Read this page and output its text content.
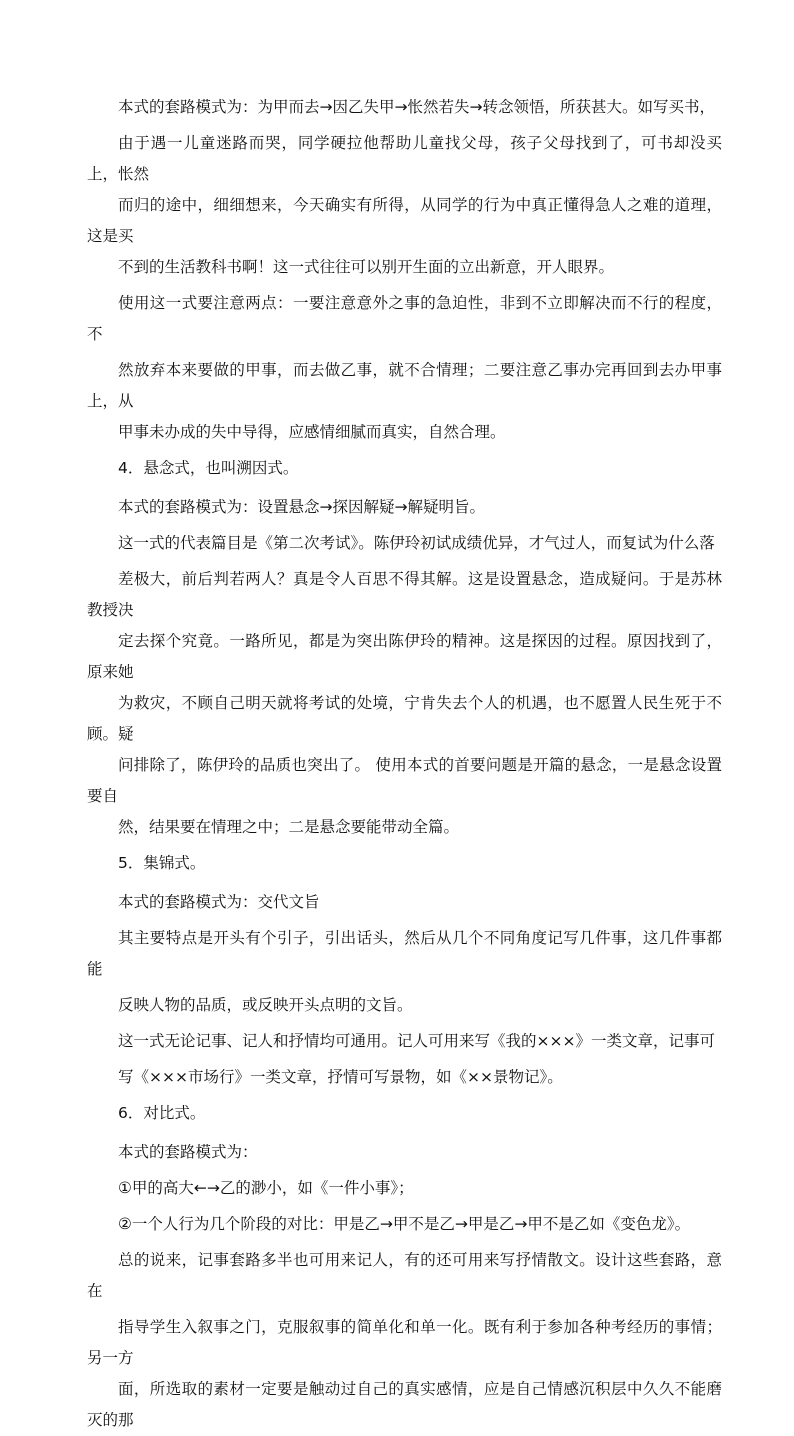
本式的套路模式为：为甲而去→因乙失甲→怅然若失→转念领悟，所获甚大。如写买书，
由于遇一儿童迷路而哭，同学硬拉他帮助儿童找父母，孩子父母找到了，可书却没买上，怅然
而归的途中，细细想来，今天确实有所得，从同学的行为中真正懂得急人之难的道理，这是买
不到的生活教科书啊！这一式往往可以别开生面的立出新意，开人眼界。
使用这一式要注意两点：一要注意意外之事的急迫性，非到不立即解决而不行的程度，不
然放弃本来要做的甲事，而去做乙事，就不合情理；二要注意乙事办完再回到去办甲事上，从
甲事未办成的失中导得，应感情细腻而真实，自然合理。
4．悬念式，也叫溯因式。
本式的套路模式为：设置悬念→探因解疑→解疑明旨。
这一式的代表篇目是《第二次考试》。陈伊玲初试成绩优异，才气过人，而复试为什么落
差极大，前后判若两人？真是令人百思不得其解。这是设置悬念，造成疑问。于是苏林教授决
定去探个究竟。一路所见，都是为突出陈伊玲的精神。这是探因的过程。原因找到了，原来她
为救灾，不顾自己明天就将考试的处境，宁肯失去个人的机遇，也不愿置人民生死于不顾。疑
问排除了，陈伊玲的品质也突出了。 使用本式的首要问题是开篇的悬念，一是悬念设置要自
然，结果要在情理之中；二是悬念要能带动全篇。
5．集锦式。
本式的套路模式为：交代文旨
其主要特点是开头有个引子，引出话头，然后从几个不同角度记写几件事，这几件事都能
反映人物的品质，或反映开头点明的文旨。
这一式无论记事、记人和抒情均可通用。记人可用来写《我的×××》一类文章，记事可
写《×××市场行》一类文章，抒情可写景物，如《××景物记》。
6．对比式。
本式的套路模式为：
①甲的高大←→乙的渺小，如《一件小事》；
②一个人行为几个阶段的对比：甲是乙→甲不是乙→甲是乙→甲不是乙如《变色龙》。
总的说来，记事套路多半也可用来记人，有的还可用来写抒情散文。设计这些套路，意在
指导学生入叙事之门，克服叙事的简单化和单一化。既有利于参加各种考经历的事情；另一方
面，所选取的素材一定要是触动过自己的真实感情，应是自己情感沉积层中久久不能磨灭的那
